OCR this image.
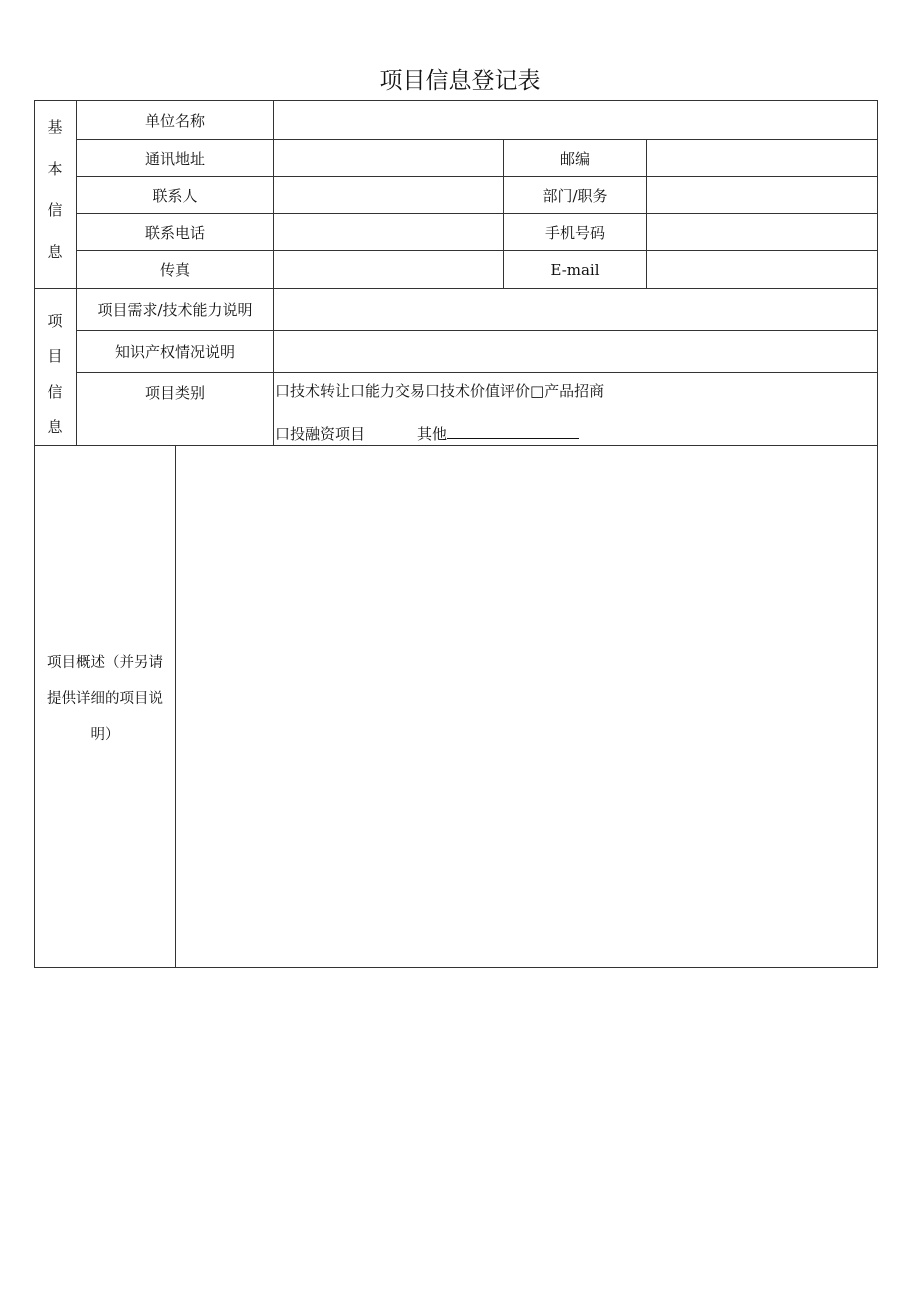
项目信息登记表
基
本
信
息
单位名称
通讯地址	邮编
联系人	部门/职务
联系电话	手机号码
传真	E-mail
项
目
信
息
项目需求/技术能力说明
知识产权情况说明
项目类别	口技术转让口能力交易口技术价值评价□产品招商
口投融资项目	其他
项目概述（并另请
提供详细的项目说
明）
